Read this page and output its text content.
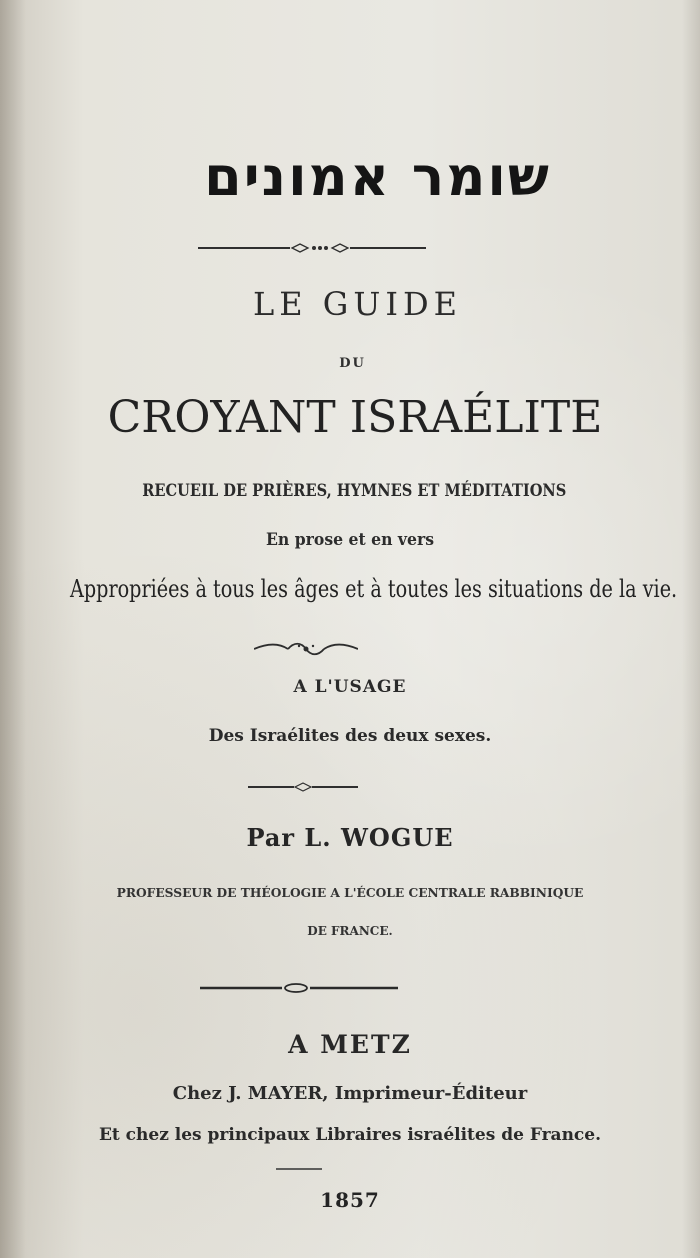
שומר אמונים
LE GUIDE
DU
CROYANT ISRAÉLITE
RECUEIL DE PRIÈRES, HYMNES ET MÉDITATIONS
En prose et en vers
Appropriées à tous les âges et à toutes les situations de la vie.
A L'USAGE
Des Israélites des deux sexes.
Par L. WOGUE
PROFESSEUR DE THÉOLOGIE A L'ÉCOLE CENTRALE RABBINIQUE
DE FRANCE.
A METZ
Chez J. MAYER, Imprimeur-Éditeur
Et chez les principaux Libraires israélites de France.
1857
